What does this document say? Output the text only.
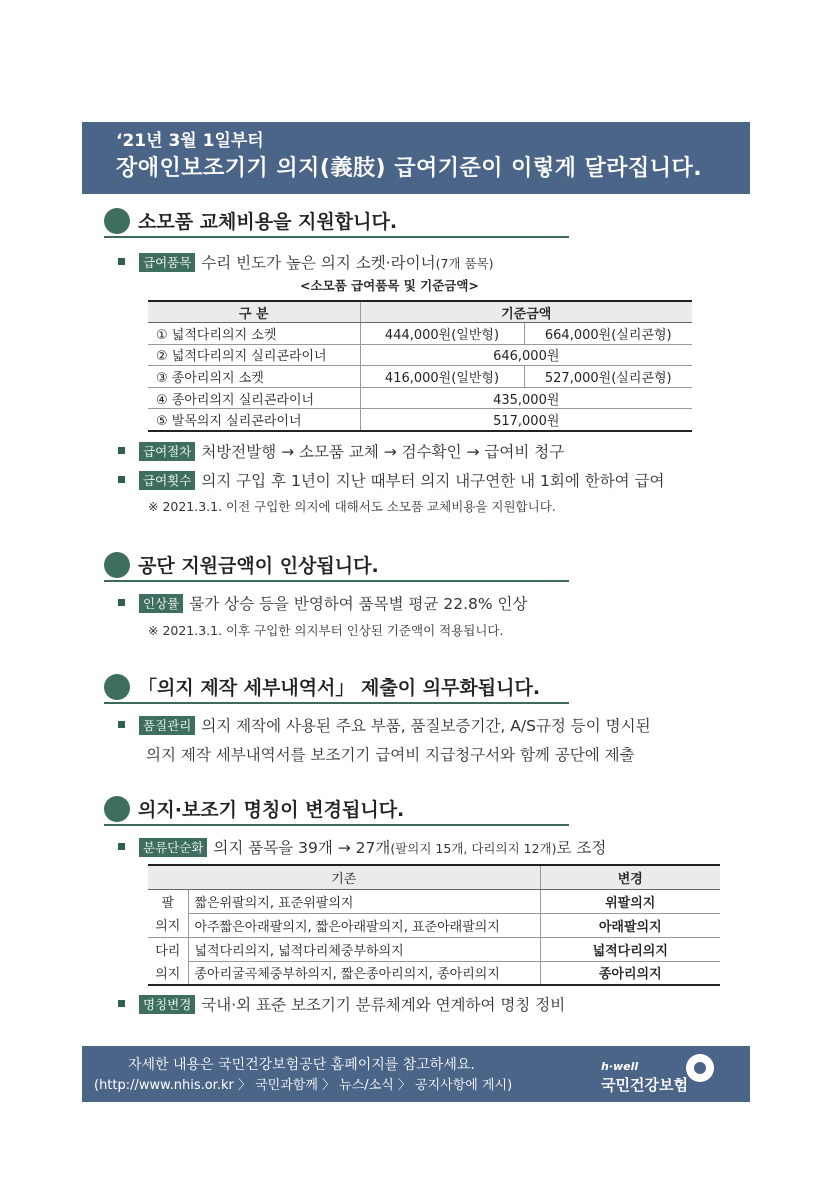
‘21년 3월 1일부터
장애인보조기기 의지(義肢) 급여기준이 이렇게 달라집니다.
소모품 교체비용을 지원합니다.
급여품목 수리 빈도가 높은 의지 소켓·라이너(7개 품목)
<소모품 급여품목 및 기준금액>
구 분	기준금액	
① 넓적다리의지 소켓	444,000원(일반형)	664,000원(실리콘형)
② 넓적다리의지 실리콘라이너	646,000원	
③ 종아리의지 소켓	416,000원(일반형)	527,000원(실리콘형)
④ 종아리의지 실리콘라이너	435,000원	
⑤ 발목의지 실리콘라이너	517,000원	
급여절차 처방전발행 → 소모품 교체 → 검수확인 → 급여비 청구
급여횟수 의지 구입 후 1년이 지난 때부터 의지 내구연한 내 1회에 한하여 급여
※ 2021.3.1. 이전 구입한 의지에 대해서도 소모품 교체비용을 지원합니다.
공단 지원금액이 인상됩니다.
인상률 물가 상승 등을 반영하여 품목별 평균 22.8% 인상
※ 2021.3.1. 이후 구입한 의지부터 인상된 기준액이 적용됩니다.
「의지 제작 세부내역서」 제출이 의무화됩니다.
품질관리 의지 제작에 사용된 주요 부품, 품질보증기간, A/S규정 등이 명시된
의지 제작 세부내역서를 보조기기 급여비 지급청구서와 함께 공단에 제출
의지·보조기 명칭이 변경됩니다.
분류단순화 의지 품목을 39개 → 27개(팔의지 15개, 다리의지 12개)로 조정
기존		변경
팔	짧은위팔의지, 표준위팔의지	위팔의지
의지	아주짧은아래팔의지, 짧은아래팔의지, 표준아래팔의지	아래팔의지
다리	넓적다리의지, 넓적다리체중부하의지	넓적다리의지
의지	종아리굴곡체중부하의지, 짧은종아리의지, 종아리의지	종아리의지
명칭변경 국내·외 표준 보조기기 분류체계와 연계하여 명칭 정비
자세한 내용은 국민건강보험공단 홈페이지를 참고하세요.
(http://www.nhis.or.kr 〉 국민과함께 〉 뉴스/소식 〉 공지사항에 게시)
h·well
국민건강보험
